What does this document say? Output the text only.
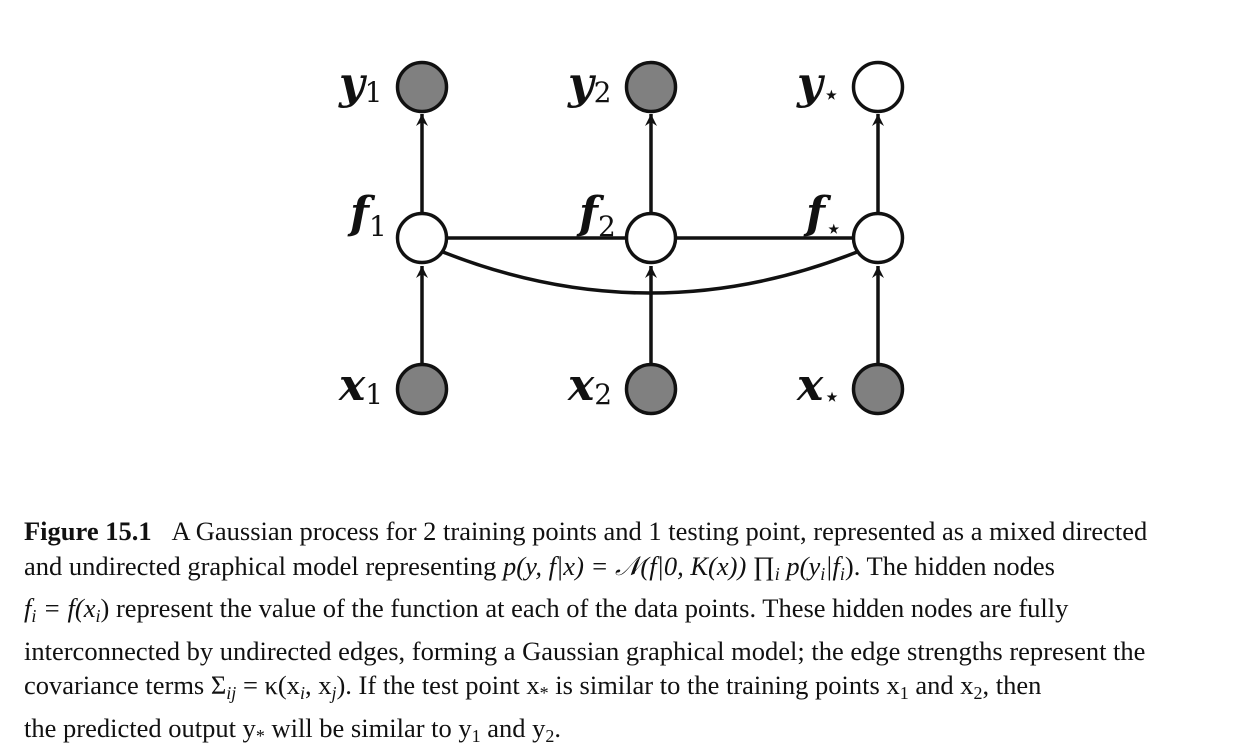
y1	y2	y⋆
f1	f2	$f_⋆$
x1	x2	x⋆
Figure 15.1 A Gaussian process for 2 training points and 1 testing point, represented as a mixed directed
and undirected graphical model representing p(y, f|x) = 𝒩(f|0, K(x)) ∏i p(yi|fi). The hidden nodes
fi = f(xi) represent the value of the function at each of the data points. These hidden nodes are fully
interconnected by undirected edges, forming a Gaussian graphical model; the edge strengths represent the
covariance terms Σij = κ(xi, xj). If the test point $x_*$ is similar to the training points $x_1$ and $x_2$, then
the predicted output $y_*$ will be similar to $y_1$ and $y_2$.
